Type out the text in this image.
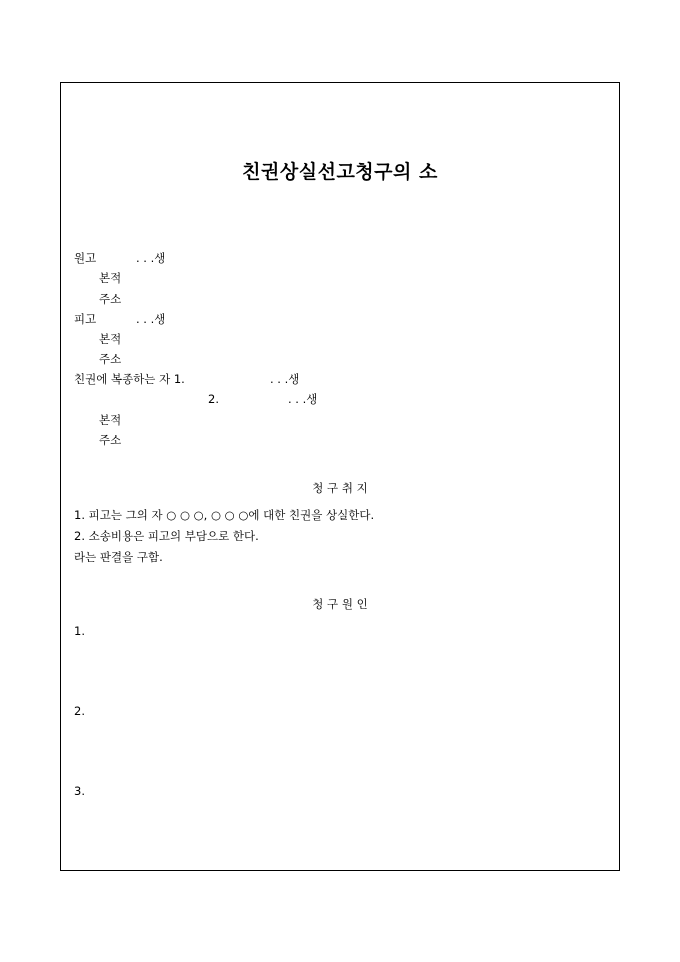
친권상실선고청구의 소
원고	. . .생
본적
주소
피고	. . .생
본적
주소
친권에 복종하는 자 1.	. . .생
2.	. . .생
본적
주소
청 구 취 지
1. 피고는 그의 자 ○ ○ ○, ○ ○ ○에 대한 친권을 상실한다.
2. 소송비용은 피고의 부담으로 한다.
라는 판결을 구함.
청 구 원 인
1.
2.
3.
